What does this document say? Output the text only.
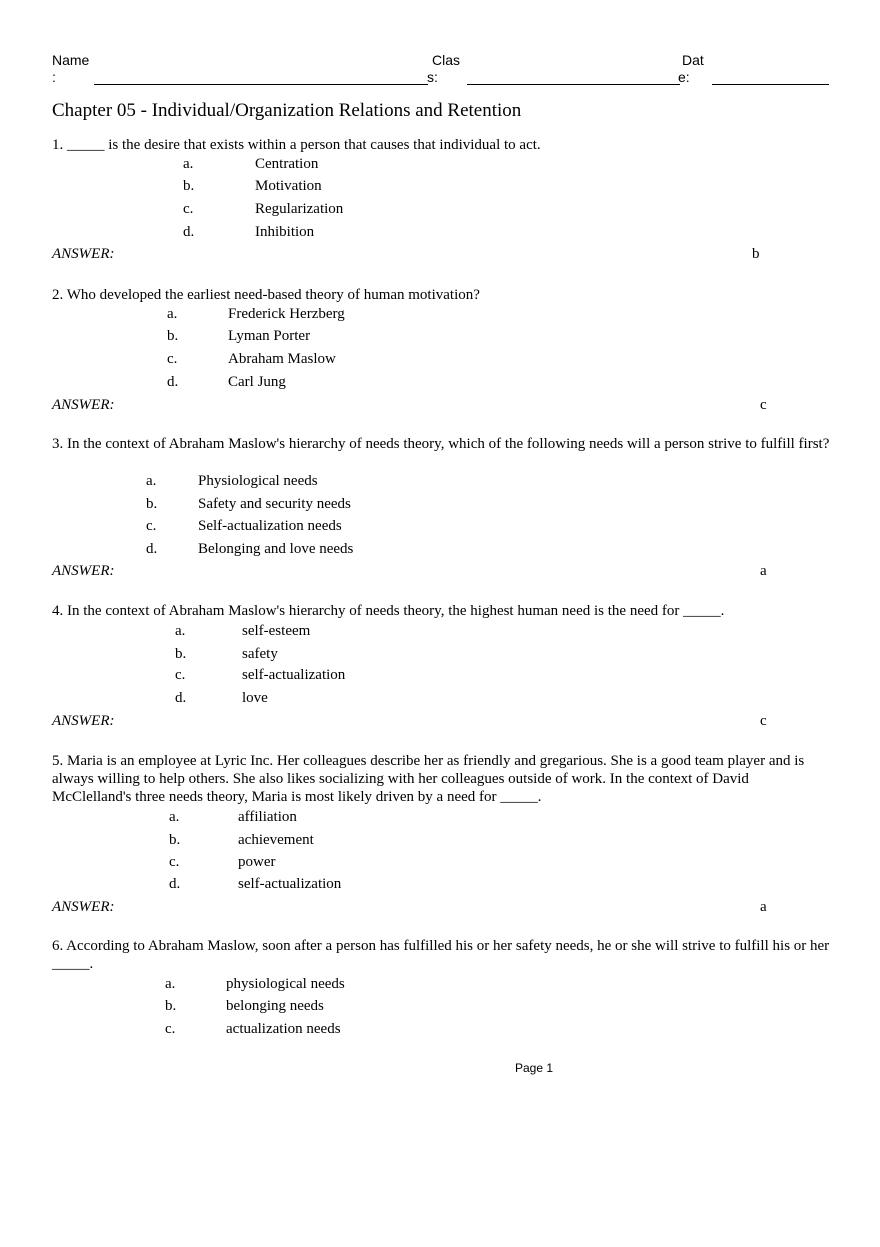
Name
:
Clas
s:
Dat
e:
Chapter 05 - Individual/Organization Relations and Retention
1. _____ is the desire that exists within a person that causes that individual to act.
a.	Centration
b.	Motivation
c.	Regularization
d.	Inhibition
ANSWER:	b
2. Who developed the earliest need-based theory of human motivation?
a.	Frederick Herzberg
b.	Lyman Porter
c.	Abraham Maslow
d.	Carl Jung
ANSWER:	c
3. In the context of Abraham Maslow's hierarchy of needs theory, which of the following needs will a person strive to fulfill first?
a.	Physiological needs
b.	Safety and security needs
c.	Self-actualization needs
d.	Belonging and love needs
ANSWER:	a
4. In the context of Abraham Maslow's hierarchy of needs theory, the highest human need is the need for _____.
a.	self-esteem
b.	safety
c.	self-actualization
d.	love
ANSWER:	c
5. Maria is an employee at Lyric Inc. Her colleagues describe her as friendly and gregarious. She is a good team player and is always willing to help others. She also likes socializing with her colleagues outside of work. In the context of David McClelland's three needs theory, Maria is most likely driven by a need for _____.
a.	affiliation
b.	achievement
c.	power
d.	self-actualization
ANSWER:	a
6. According to Abraham Maslow, soon after a person has fulfilled his or her safety needs, he or she will strive to fulfill his or her _____.
a.	physiological needs
b.	belonging needs
c.	actualization needs
Page 1
